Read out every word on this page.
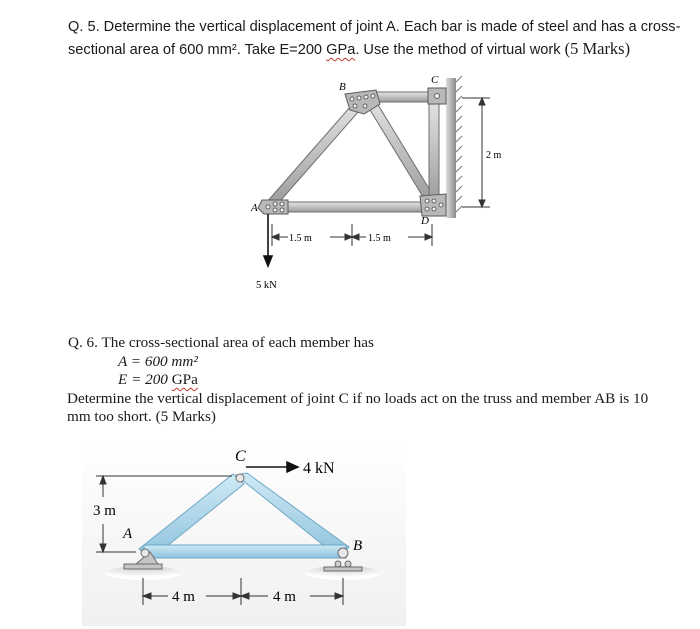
Q. 5. Determine the vertical displacement of joint A. Each bar is made of steel and has a cross-
sectional area of 600 mm². Take E=200 GPa. Use the method of virtual work (5 Marks)
B
C
A
D
2 m
1.5 m	1.5 m
5 kN
Q. 6. The cross-sectional area of each member has
A = 600 mm²
E = 200 GPa
Determine the vertical displacement of joint C if no loads act on the truss and member AB is 10 mm too short. (5 Marks)
C
A
B
4 kN
3 m
4 m	4 m
